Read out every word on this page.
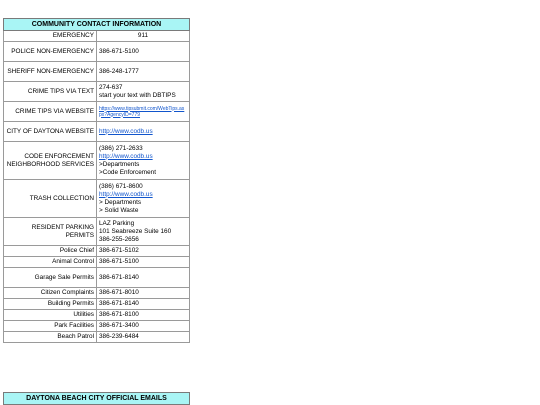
COMMUNITY CONTACT INFORMATION	
EMERGENCY	911
POLICE NON-EMERGENCY	386-671-5100
SHERIFF NON-EMERGENCY	386-248-1777
CRIME TIPS VIA TEXT	274-637
start your text with DBTIPS

CRIME TIPS VIA WEBSITE	https://www.tipsubmit.com/WebTips.aspx?AgencyID=779
CITY OF DAYTONA WEBSITE	http://www.codb.us
CODE ENFORCEMENT NEIGHBORHOOD SERVICES	(386) 271-2633
http://www.codb.us
>Departments
>Code Enforcement

TRASH COLLECTION	(386) 671-8600
http://www.codb.us
> Departments
> Solid Waste

RESIDENT PARKING PERMITS	LAZ Parking
101 Seabreeze Suite 160
386-255-2656

Police Chief	386-671-5102
Animal Control	386-671-5100
Garage Sale Permits	386-671-8140
Citizen Complaints	386-671-8010
Building Permits	386-671-8140
Utilities	386-671-8100
Park Facilities	386-671-3400
Beach Patrol	386-239-6484
DAYTONA BEACH CITY OFFICIAL EMAILS
